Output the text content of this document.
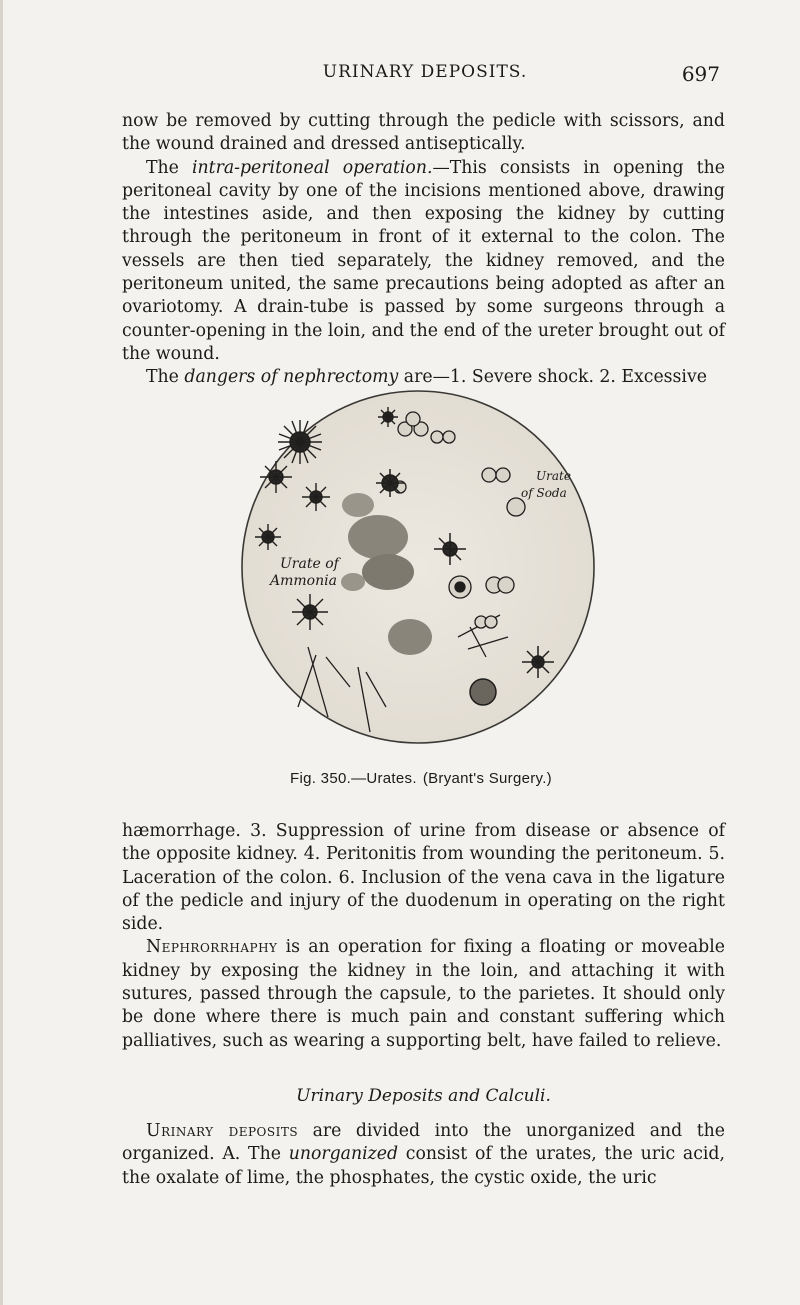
URINARY DEPOSITS.	697

now be removed by cutting through the pedicle with scissors, and the wound drained and dressed antiseptically.

The intra-peritoneal operation.—This consists in opening the peritoneal cavity by one of the incisions mentioned above, drawing the intestines aside, and then exposing the kidney by cutting through the peritoneum in front of it external to the colon. The vessels are then tied separately, the kidney removed, and the peritoneum united, the same precautions being adopted as after an ovariotomy. A drain-tube is passed by some surgeons through a counter-opening in the loin, and the end of the ureter brought out of the wound.

The dangers of nephrectomy are—1. Severe shock. 2. Excessive

Urate of
Ammonia
Urate
of Soda
Fig. 350.—Urates. (Bryant's Surgery.)

hæmorrhage. 3. Suppression of urine from disease or absence of the opposite kidney. 4. Peritonitis from wounding the peritoneum. 5. Laceration of the colon. 6. Inclusion of the vena cava in the ligature of the pedicle and injury of the duodenum in operating on the right side.

Nephrorrhaphy is an operation for fixing a floating or moveable kidney by exposing the kidney in the loin, and attaching it with sutures, passed through the capsule, to the parietes. It should only be done where there is much pain and constant suffering which palliatives, such as wearing a supporting belt, have failed to relieve.

Urinary Deposits and Calculi.

Urinary deposits are divided into the unorganized and the organized. A. The unorganized consist of the urates, the uric acid, the oxalate of lime, the phosphates, the cystic oxide, the uric
